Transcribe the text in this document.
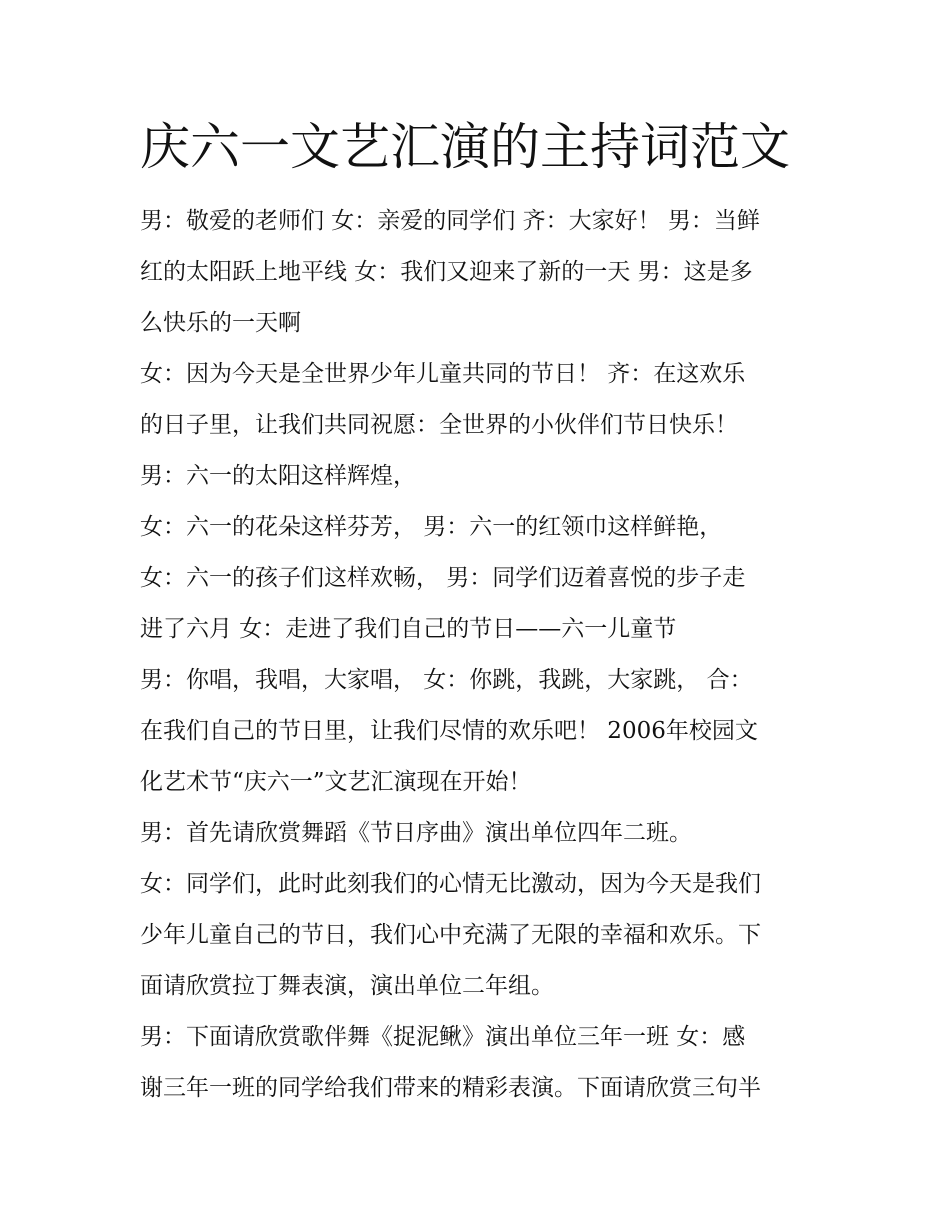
庆六一文艺汇演的主持词范文
男：敬爱的老师们 女：亲爱的同学们 齐：大家好！ 男：当鲜
红的太阳跃上地平线 女：我们又迎来了新的一天 男：这是多
么快乐的一天啊
女：因为今天是全世界少年儿童共同的节日！ 齐：在这欢乐
的日子里，让我们共同祝愿：全世界的小伙伴们节日快乐！
男：六一的太阳这样辉煌，
女：六一的花朵这样芬芳， 男：六一的红领巾这样鲜艳，
女：六一的孩子们这样欢畅， 男：同学们迈着喜悦的步子走
进了六月 女：走进了我们自己的节日——六一儿童节
男：你唱，我唱，大家唱， 女：你跳，我跳，大家跳， 合：
在我们自己的节日里，让我们尽情的欢乐吧！ 2006年校园文
化艺术节“庆六一”文艺汇演现在开始！
男：首先请欣赏舞蹈《节日序曲》演出单位四年二班。
女：同学们，此时此刻我们的心情无比激动，因为今天是我们
少年儿童自己的节日，我们心中充满了无限的幸福和欢乐。下
面请欣赏拉丁舞表演，演出单位二年组。
男：下面请欣赏歌伴舞《捉泥鳅》演出单位三年一班 女：感
谢三年一班的同学给我们带来的精彩表演。下面请欣赏三句半
